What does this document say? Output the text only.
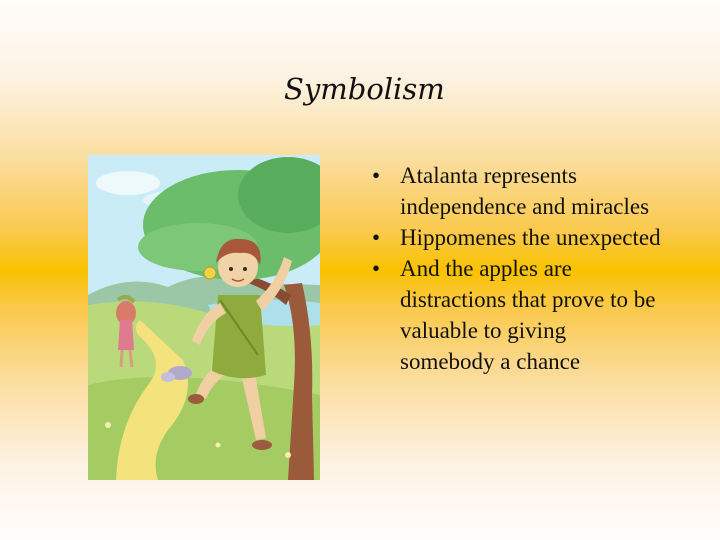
Symbolism
• Atalanta represents independence and miracles
• Hippomenes the unexpected
• And the apples are distractions that prove to be valuable to giving somebody a chance
